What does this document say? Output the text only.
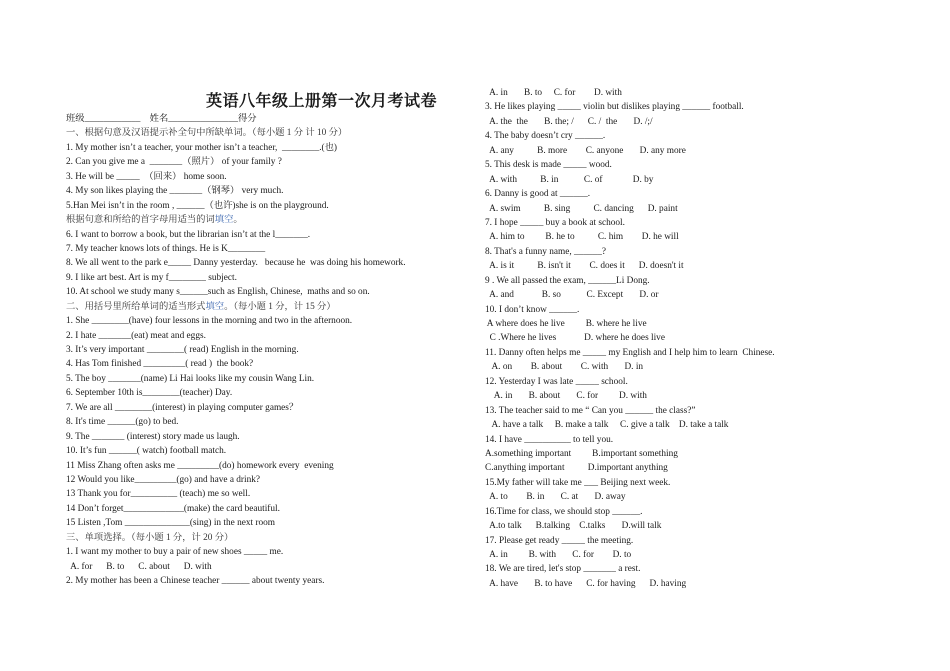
英语八年级上册第一次月考试卷
班级____________    姓名_______________得分
一、根据句意及汉语提示补全句中所缺单词。（每小题 1 分 计 10 分）
1. My mother isn’t a teacher, your mother isn’t a teacher,  ________.(也)
2. Can you give me a  _______（照片） of your family ?
3. He will be _____  （回来） home soon.
4. My son likes playing the _______（钢琴） very much.
5.Han Mei isn’t in the room , ______（也许)she is on the playground.
根据句意和所给的首字母用适当的词填空。
6. I want to borrow a book, but the librarian isn’t at the l_______.
7. My teacher knows lots of things. He is K________
8. We all went to the park e_____ Danny yesterday.   because he  was doing his homework.
9. I like art best. Art is my f________ subject.
10. At school we study many s______such as English, Chinese,  maths and so on.
二、用括号里所给单词的适当形式填空。（每小题 1 分，计 15 分）
1. She ________(have) four lessons in the morning and two in the afternoon.
2. I hate _______(eat) meat and eggs.
3. It’s very important ________( read) English in the morning.
4. Has Tom finished _________( read )  the book?
5. The boy _______(name) Li Hai looks like my cousin Wang Lin.
6. September 10th is________(teacher) Day.
7. We are all ________(interest) in playing computer games？
8. It's time ______(go) to bed.
9. The _______ (interest) story made us laugh.
10. It’s fun ______( watch) football match.
11 Miss Zhang often asks me _________(do) homework every  evening
12 Would you like_________(go) and have a drink?
13 Thank you for__________ (teach) me so well.
14 Don’t forget_____________(make) the card beautiful.
15 Listen ,Tom ______________(sing) in the next room
三、单项选择。（每小题 1 分，计 20 分）
1. I want my mother to buy a pair of new shoes _____ me.
A. for      B. to      C. about      D. with
2. My mother has been a Chinese teacher ______ about twenty years.
A. in       B. to     C. for        D. with
3. He likes playing _____ violin but dislikes playing ______ football.
A. the  the       B. the; /      C. /  the       D. /;/
4. The baby doesn’t cry ______.
A. any          B. more        C. anyone       D. any more
5. This desk is made _____ wood.
A. with          B. in           C. of             D. by
6. Danny is good at ______.
A. swim          B. sing          C. dancing      D. paint
7. I hope _____ buy a book at school.
A. him to         B. he to          C. him        D. he will
8. That's a funny name, ______?
A. is it          B. isn't it        C. does it      D. doesn't it
9 . We all passed the exam, ______Li Dong.
A. and            B. so           C. Except       D. or
10. I don’t know ______.
A where does he live         B. where he live
C .Where he lives            D. where he does live
11. Danny often helps me _____ my English and I help him to learn  Chinese.
A. on        B. about        C. with       D. in
12. Yesterday I was late _____ school.
A. in       B. about       C. for         D. with
13. The teacher said to me “ Can you ______ the class?”
A. have a talk     B. make a talk     C. give a talk    D. take a talk
14. I have __________ to tell you.
A.something important         B.important something
C.anything important          D.important anything
15.My father will take me ___ Beijing next week.
A. to        B. in       C. at       D. away
16.Time for class, we should stop ______.
A.to talk      B.talking    C.talks       D.will talk
17. Please get ready _____ the meeting.
A. in         B. with       C. for        D. to
18. We are tired, let's stop _______ a rest.
A. have       B. to have      C. for having      D. having
